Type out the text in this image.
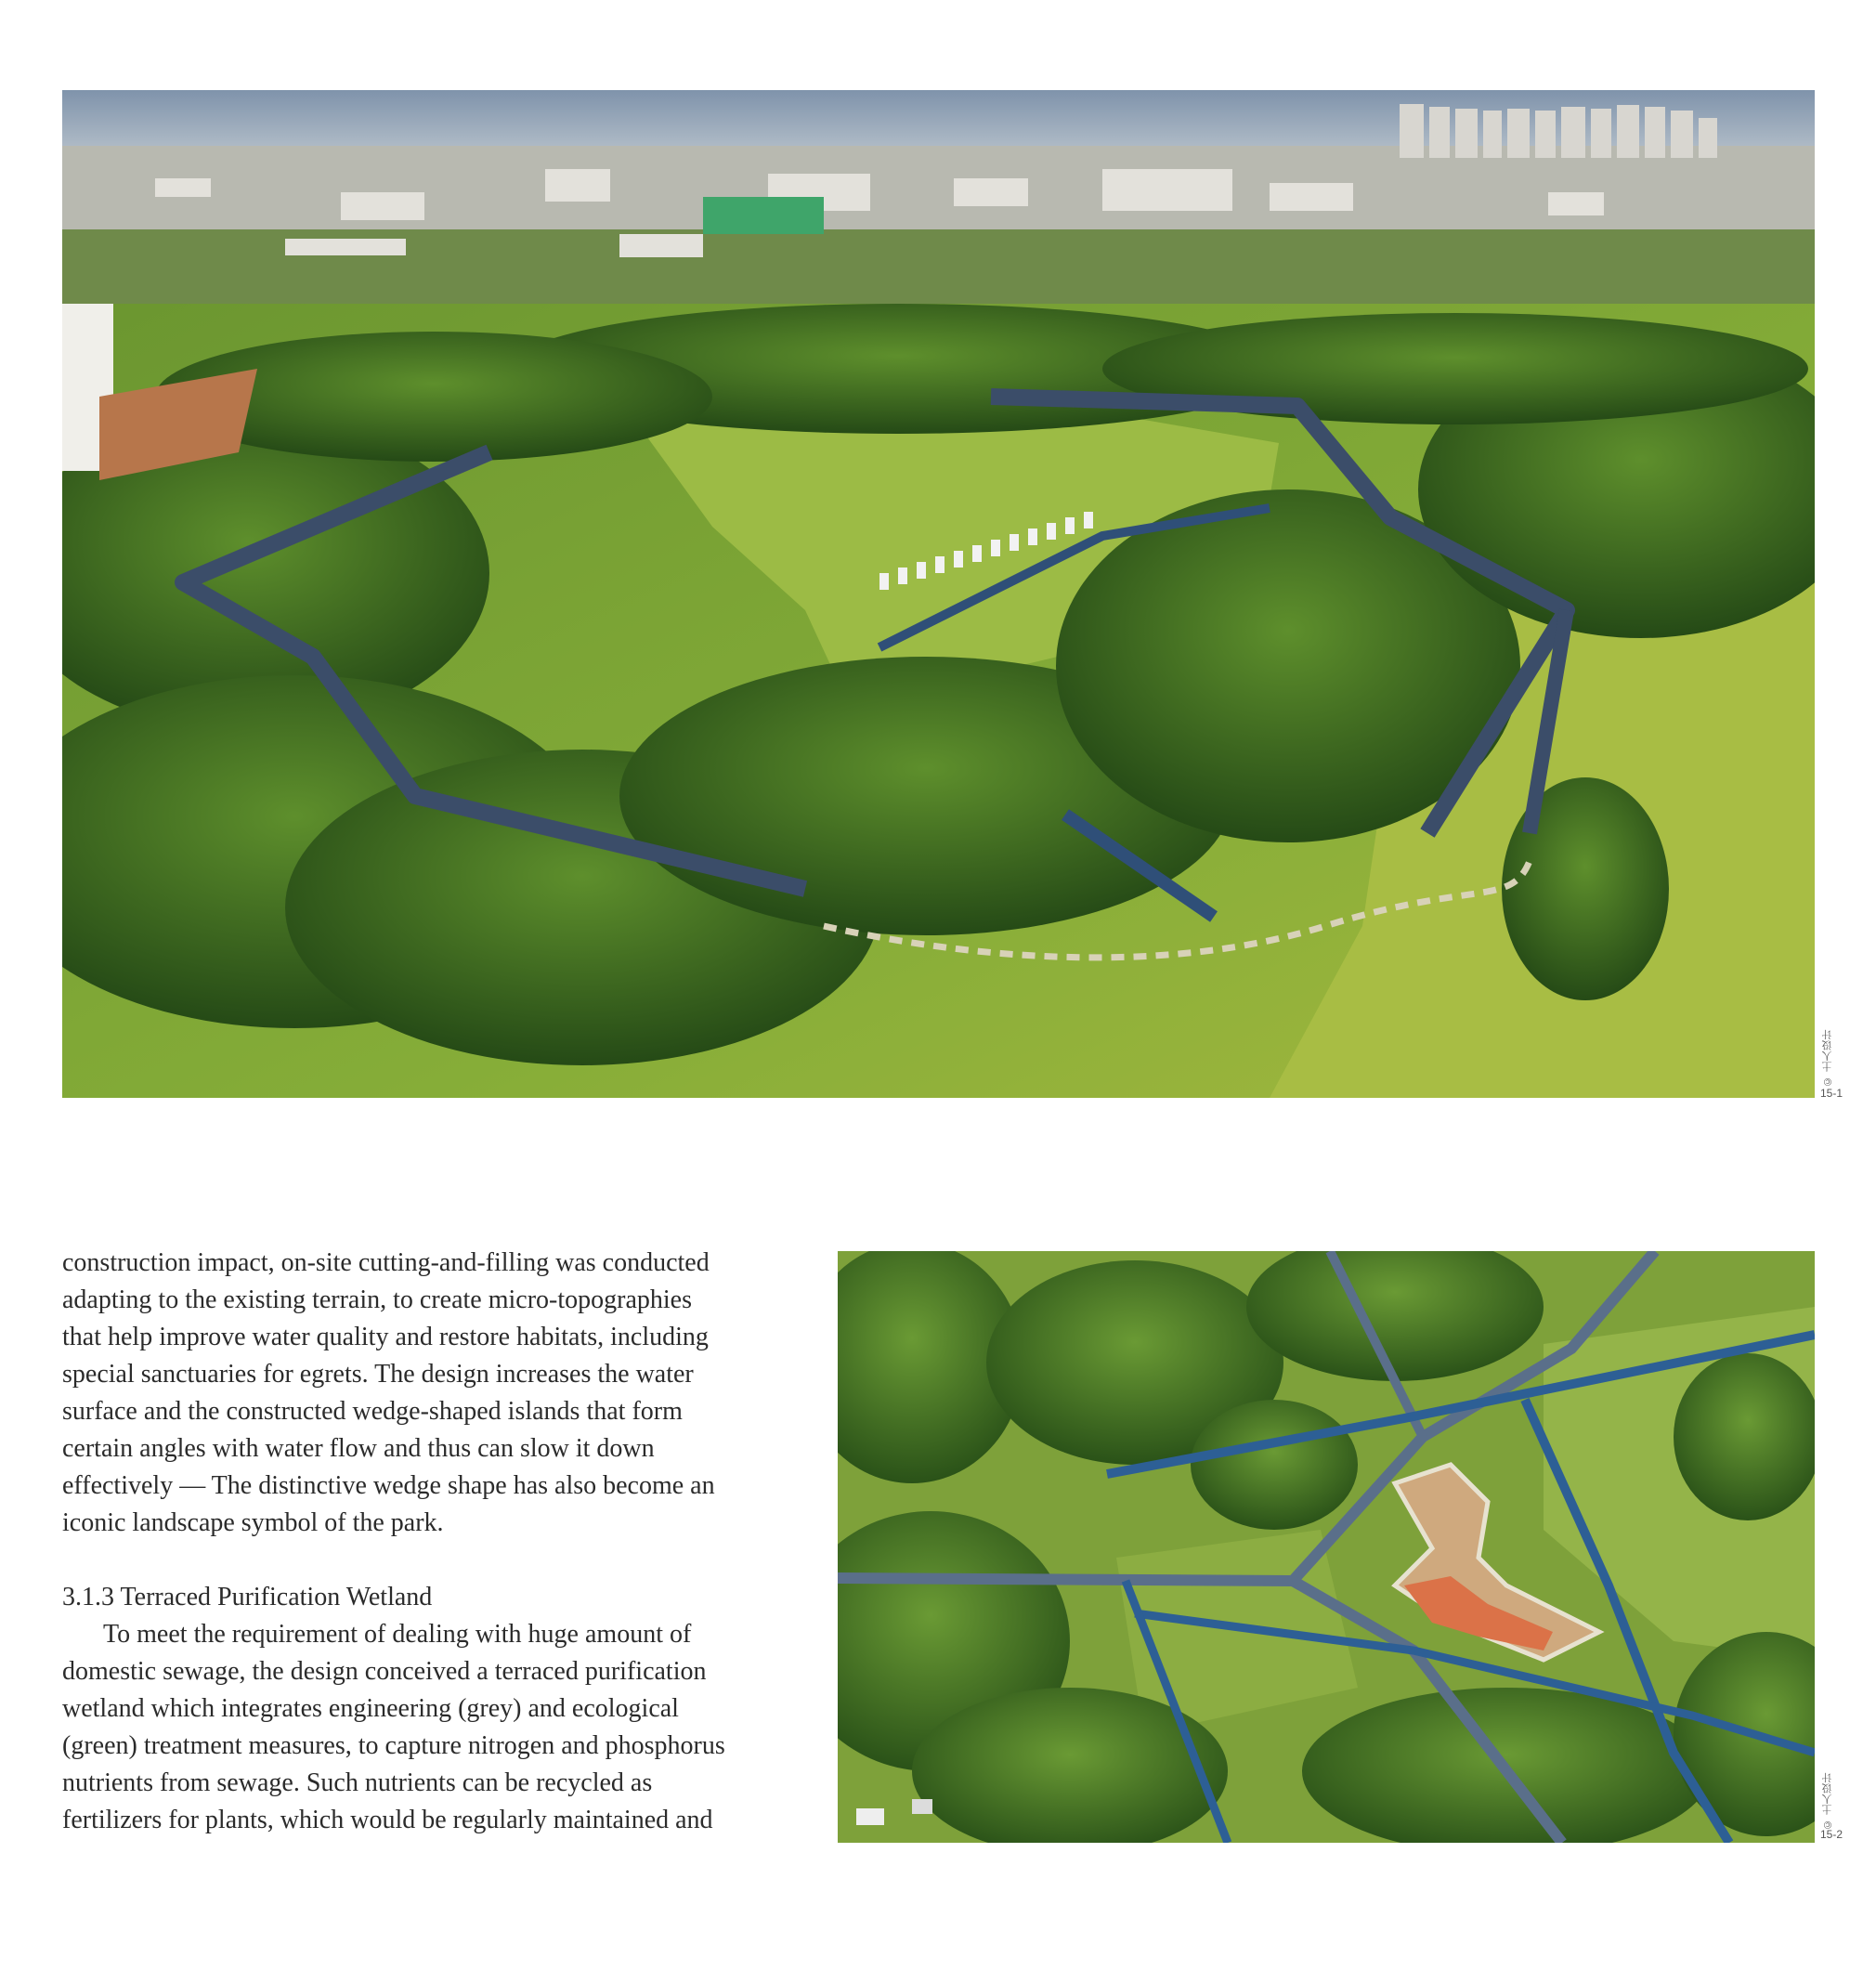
© 土人设计
15-1

construction impact, on-site cutting-and-filling was conducted
adapting to the existing terrain, to create micro-topographies
that help improve water quality and restore habitats, including
special sanctuaries for egrets. The design increases the water
surface and the constructed wedge-shaped islands that form
certain angles with water flow and thus can slow it down
effectively — The distinctive wedge shape has also become an
iconic landscape symbol of the park.

3.1.3 Terraced Purification Wetland

To meet the requirement of dealing with huge amount of
domestic sewage, the design conceived a terraced purification
wetland which integrates engineering (grey) and ecological
(green) treatment measures, to capture nitrogen and phosphorus
nutrients from sewage. Such nutrients can be recycled as
fertilizers for plants, which would be regularly maintained and	© 土人设计
15-2
